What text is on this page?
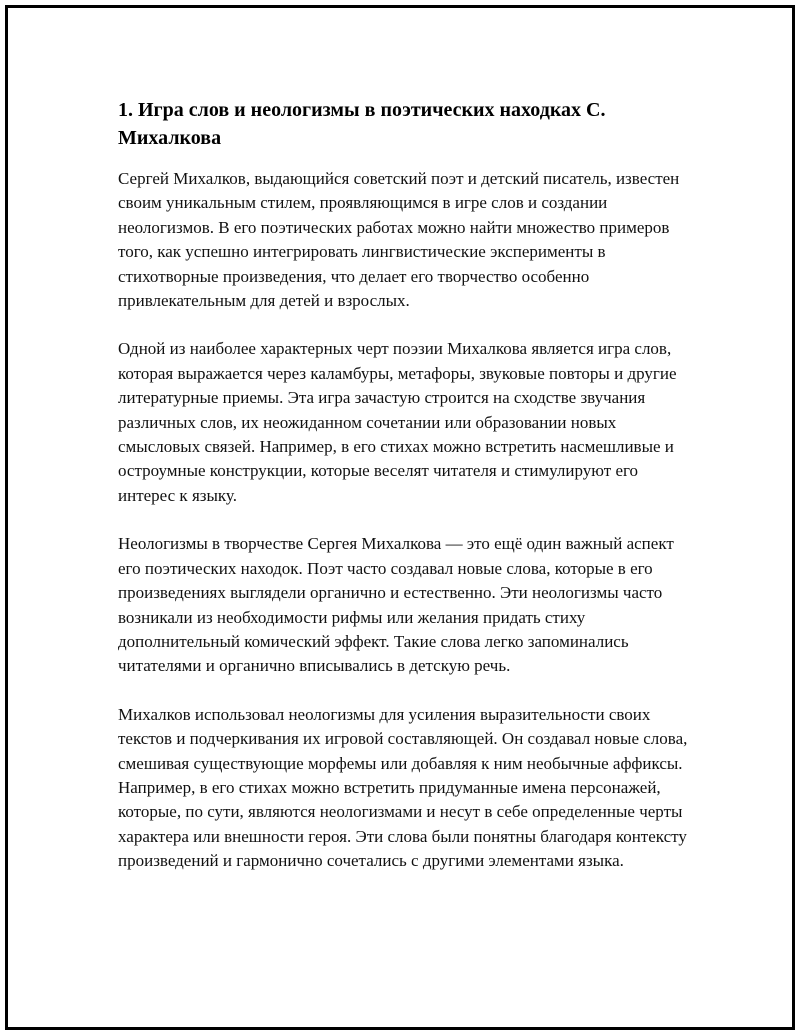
1. Игра слов и неологизмы в поэтических находках С. Михалкова

Сергей Михалков, выдающийся советский поэт и детский писатель, известен своим уникальным стилем, проявляющимся в игре слов и создании неологизмов. В его поэтических работах можно найти множество примеров того, как успешно интегрировать лингвистические эксперименты в стихотворные произведения, что делает его творчество особенно привлекательным для детей и взрослых.

Одной из наиболее характерных черт поэзии Михалкова является игра слов, которая выражается через каламбуры, метафоры, звуковые повторы и другие литературные приемы. Эта игра зачастую строится на сходстве звучания различных слов, их неожиданном сочетании или образовании новых смысловых связей. Например, в его стихах можно встретить насмешливые и остроумные конструкции, которые веселят читателя и стимулируют его интерес к языку.

Неологизмы в творчестве Сергея Михалкова — это ещё один важный аспект его поэтических находок. Поэт часто создавал новые слова, которые в его произведениях выглядели органично и естественно. Эти неологизмы часто возникали из необходимости рифмы или желания придать стиху дополнительный комический эффект. Такие слова легко запоминались читателями и органично вписывались в детскую речь.

Михалков использовал неологизмы для усиления выразительности своих текстов и подчеркивания их игровой составляющей. Он создавал новые слова, смешивая существующие морфемы или добавляя к ним необычные аффиксы. Например, в его стихах можно встретить придуманные имена персонажей, которые, по сути, являются неологизмами и несут в себе определенные черты характера или внешности героя. Эти слова были понятны благодаря контексту произведений и гармонично сочетались с другими элементами языка.
